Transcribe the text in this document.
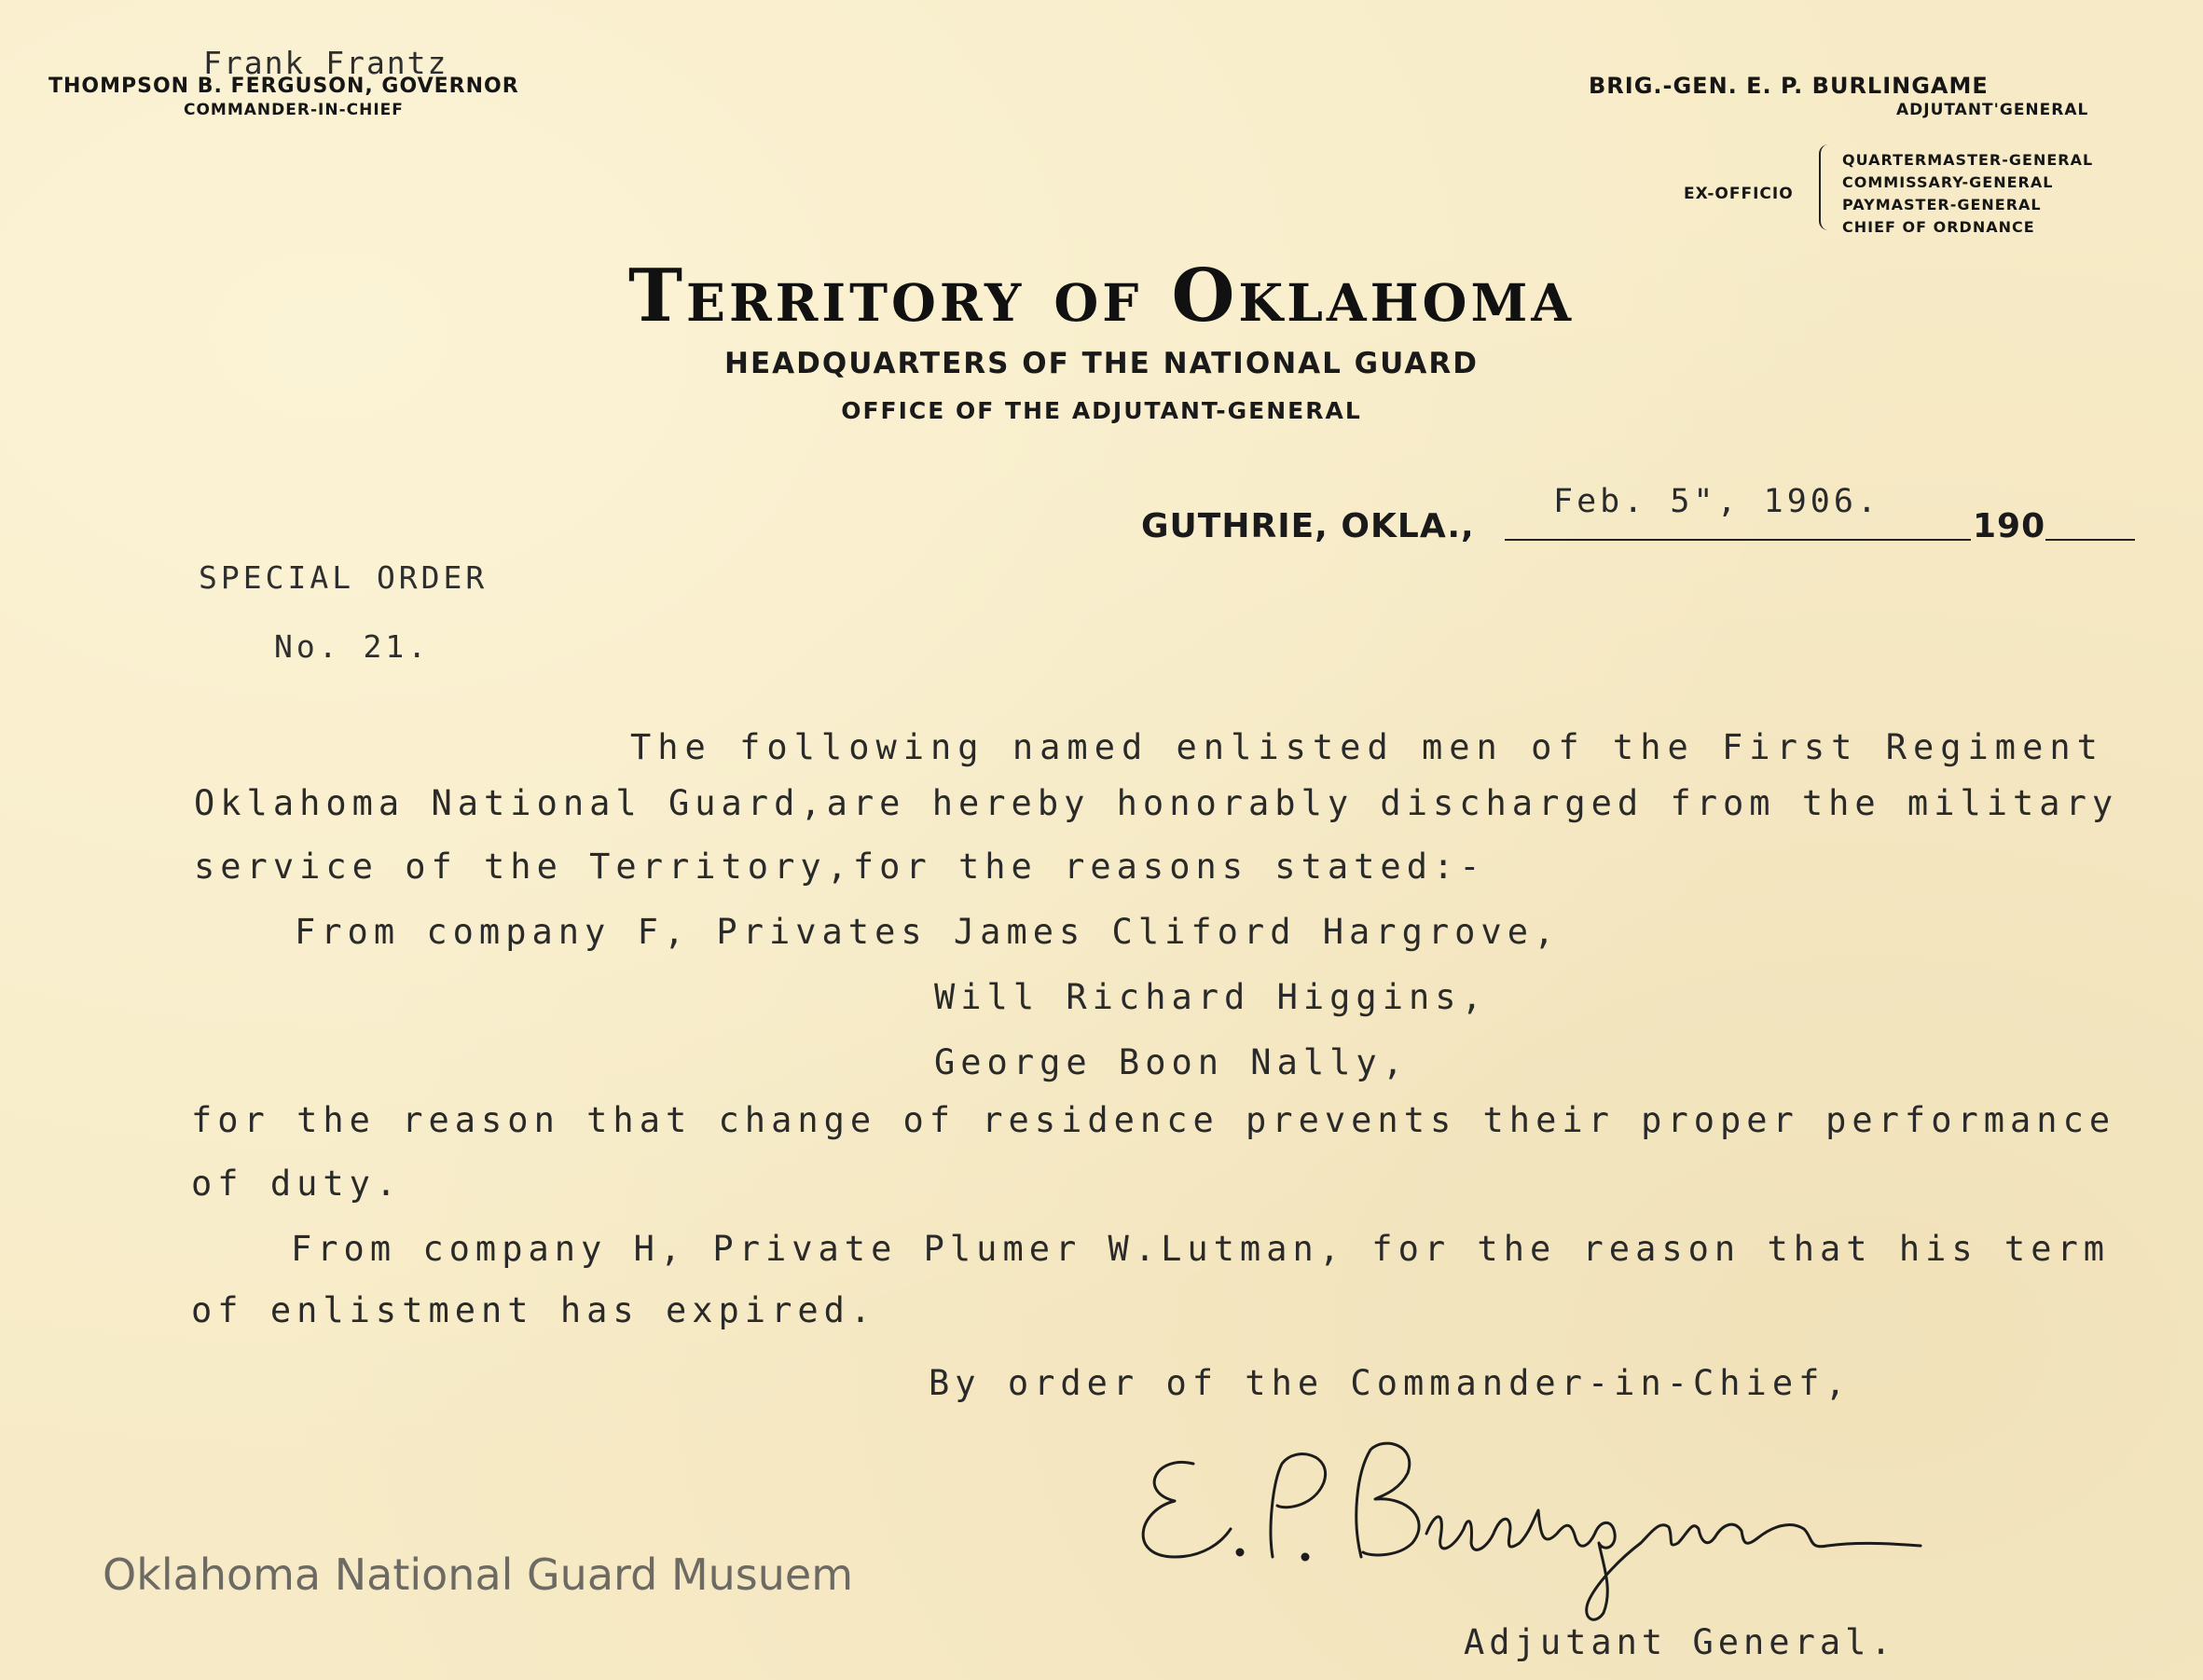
Frank Frantz
THOMPSON B. FERGUSON, GOVERNOR
COMMANDER-IN-CHIEF
BRIG.-GEN. E. P. BURLINGAME
ADJUTANT'GENERAL
EX-OFFICIO
QUARTERMASTER-GENERAL
COMMISSARY-GENERAL
PAYMASTER-GENERAL
CHIEF OF ORDNANCE
Territory of Oklahoma
HEADQUARTERS OF THE NATIONAL GUARD
OFFICE OF THE ADJUTANT-GENERAL
GUTHRIE, OKLA.,
Feb. 5", 1906.
190
SPECIAL ORDER
No. 21.
The following named enlisted men of the First Regiment
Oklahoma National Guard,are hereby honorably discharged from the military
service of the Territory,for the reasons stated:-
From company F, Privates James Cliford Hargrove,
Will Richard Higgins,
George Boon Nally,
for the reason that change of residence prevents their proper performance
of duty.
From company H, Private Plumer W.Lutman, for the reason that his term
of enlistment has expired.
By order of the Commander-in-Chief,
Adjutant General.
Oklahoma National Guard Musuem
